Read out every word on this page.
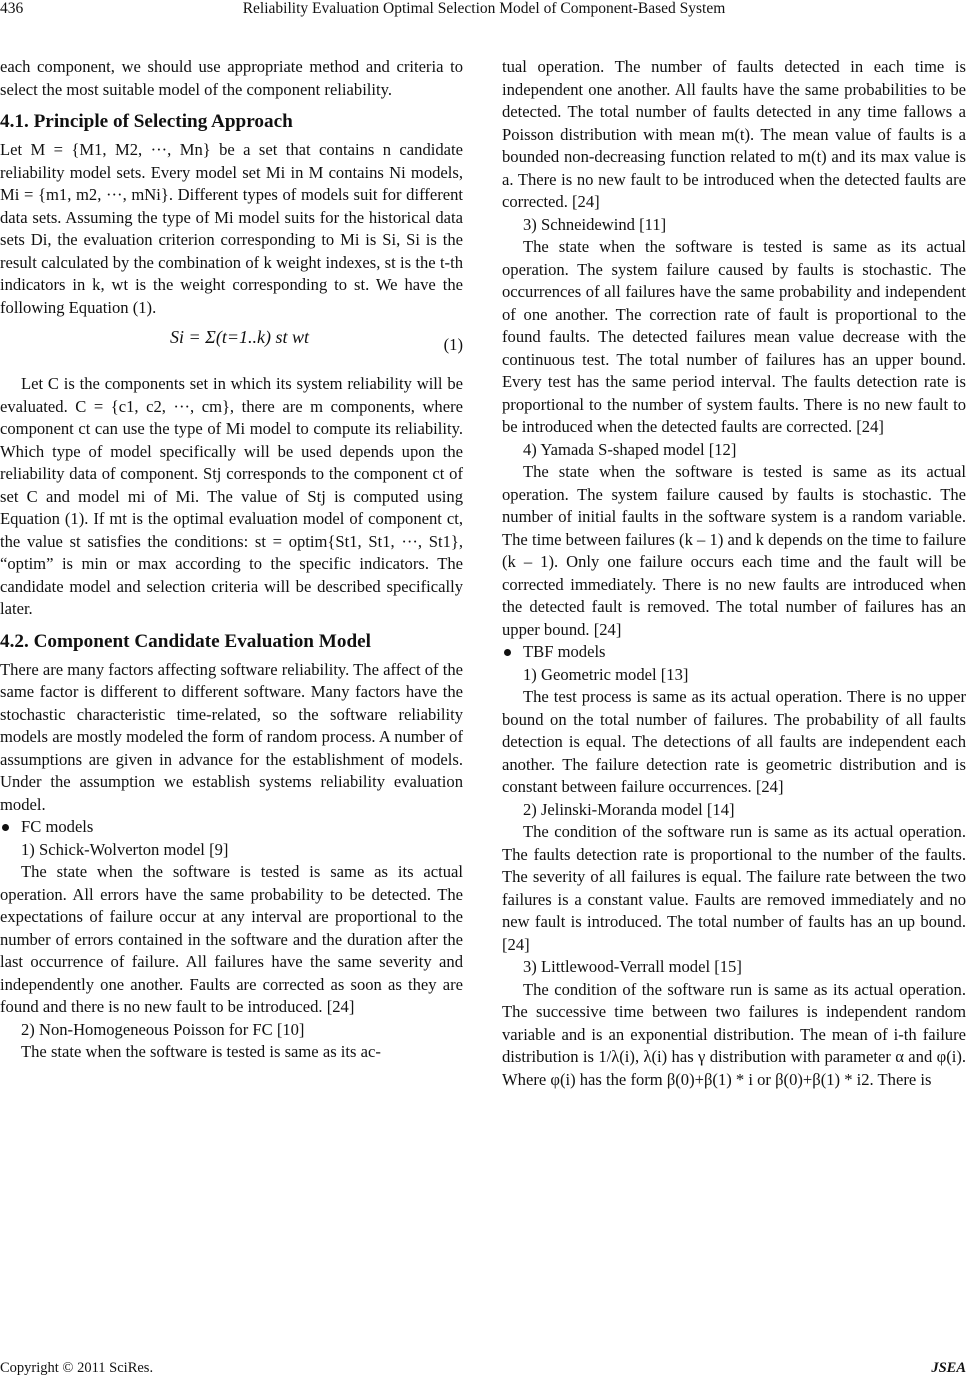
436	Reliability Evaluation Optimal Selection Model of Component-Based System

each component, we should use appropriate method and criteria to select the most suitable model of the component reliability.

4.1. Principle of Selecting Approach

Let M = {M1, M2, ···, Mn} be a set that contains n candidate reliability model sets. Every model set Mi in M contains Ni models, Mi = {m1, m2, ···, mNi}. Different types of models suit for different data sets. Assuming the type of Mi model suits for the historical data sets Di, the evaluation criterion corresponding to Mi is Si, Si is the result calculated by the combination of k weight indexes, st is the t-th indicators in k, wt is the weight corresponding to st. We have the following Equation (1).

Si = Σ(t=1..k) st wt	(1)

Let C is the components set in which its system reliability will be evaluated. C = {c1, c2, ···, cm}, there are m components, where component ct can use the type of Mi model to compute its reliability. Which type of model specifically will be used depends upon the reliability data of component. Stj corresponds to the component ct of set C and model mi of Mi. The value of Stj is computed using Equation (1). If mt is the optimal evaluation model of component ct, the value st satisfies the conditions: st = optim{St1, St1, ···, St1}, “optim” is min or max according to the specific indicators. The candidate model and selection criteria will be described specifically later.

4.2. Component Candidate Evaluation Model

There are many factors affecting software reliability. The affect of the same factor is different to different software. Many factors have the stochastic characteristic time-related, so the software reliability models are mostly modeled the form of random process. A number of assumptions are given in advance for the establishment of models. Under the assumption we establish systems reliability evaluation model.

FC models

1) Schick-Wolverton model [9]

The state when the software is tested is same as its actual operation. All errors have the same probability to be detected. The expectations of failure occur at any interval are proportional to the number of errors contained in the software and the duration after the last occurrence of failure. All failures have the same severity and independently one another. Faults are corrected as soon as they are found and there is no new fault to be introduced. [24]

2) Non-Homogeneous Poisson for FC [10]

The state when the software is tested is same as its ac-

tual operation. The number of faults detected in each time is independent one another. All faults have the same probabilities to be detected. The total number of faults detected in any time fallows a Poisson distribution with mean m(t). The mean value of faults is a bounded non-decreasing function related to m(t) and its max value is a. There is no new fault to be introduced when the detected faults are corrected. [24]

3) Schneidewind [11]

The state when the software is tested is same as its actual operation. The system failure caused by faults is stochastic. The occurrences of all failures have the same probability and independent of one another. The correction rate of fault is proportional to the found faults. The detected failures mean value decrease with the continuous test. The total number of failures has an upper bound. Every test has the same period interval. The faults detection rate is proportional to the number of system faults. There is no new fault to be introduced when the detected faults are corrected. [24]

4) Yamada S-shaped model [12]

The state when the software is tested is same as its actual operation. The system failure caused by faults is stochastic. The number of initial faults in the software system is a random variable. The time between failures (k – 1) and k depends on the time to failure (k – 1). Only one failure occurs each time and the fault will be corrected immediately. There is no new faults are introduced when the detected fault is removed. The total number of failures has an upper bound. [24]

TBF models

1) Geometric model [13]

The test process is same as its actual operation. There is no upper bound on the total number of failures. The probability of all faults detection is equal. The detections of all faults are independent each another. The failure detection rate is geometric distribution and is constant between failure occurrences. [24]

2) Jelinski-Moranda model [14]

The condition of the software run is same as its actual operation. The faults detection rate is proportional to the number of the faults. The severity of all failures is equal. The failure rate between the two failures is a constant value. Faults are removed immediately and no new fault is introduced. The total number of faults has an up bound. [24]

3) Littlewood-Verrall model [15]

The condition of the software run is same as its actual operation. The successive time between two failures is independent random variable and is an exponential distribution. The mean of i-th failure distribution is 1/λ(i), λ(i) has γ distribution with parameter α and φ(i). Where φ(i) has the form β(0)+β(1) * i or β(0)+β(1) * i2. There is

Copyright © 2011 SciRes.	JSEA
